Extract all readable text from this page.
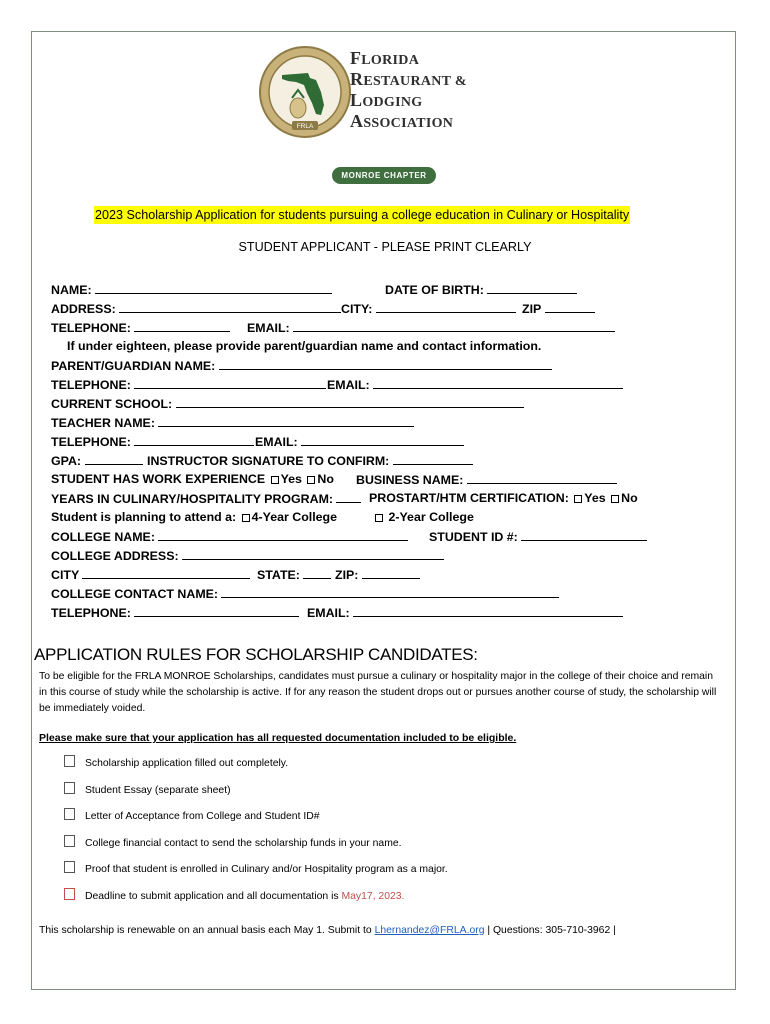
FRLA
FLORIDA
RESTAURANT &
LODGING
ASSOCIATION
MONROE CHAPTER
2023 Scholarship Application for students pursuing a college education in Culinary or Hospitality
STUDENT APPLICANT - PLEASE PRINT CLEARLY
NAME:	DATE OF BIRTH:
ADDRESS:	CITY:	ZIP
TELEPHONE:	EMAIL:
If under eighteen, please provide parent/guardian name and contact information.
PARENT/GUARDIAN NAME:
TELEPHONE:	EMAIL:
CURRENT SCHOOL:
TEACHER NAME:
TELEPHONE:	EMAIL:
GPA:	INSTRUCTOR SIGNATURE TO CONFIRM:
STUDENT HAS WORK EXPERIENCE Yes No BUSINESS NAME:
YEARS IN CULINARY/HOSPITALITY PROGRAM:	PROSTART/HTM CERTIFICATION: Yes No
Student is planning to attend a: 4-Year College	2-Year College
COLLEGE NAME:	STUDENT ID #:
COLLEGE ADDRESS:
CITY	STATE:	ZIP:
COLLEGE CONTACT NAME:
TELEPHONE:	EMAIL:
APPLICATION RULES FOR SCHOLARSHIP CANDIDATES:
To be eligible for the FRLA MONROE Scholarships, candidates must pursue a culinary or hospitality major in the college of their choice and remain in this course of study while the scholarship is active. If for any reason the student drops out or pursues another course of study, the scholarship will be immediately voided.
Please make sure that your application has all requested documentation included to be eligible.
Scholarship application filled out completely.
Student Essay (separate sheet)
Letter of Acceptance from College and Student ID#
College financial contact to send the scholarship funds in your name.
Proof that student is enrolled in Culinary and/or Hospitality program as a major.
Deadline to submit application and all documentation is May17, 2023.
This scholarship is renewable on an annual basis each May 1. Submit to Lhernandez@FRLA.org | Questions: 305-710-3962 |
